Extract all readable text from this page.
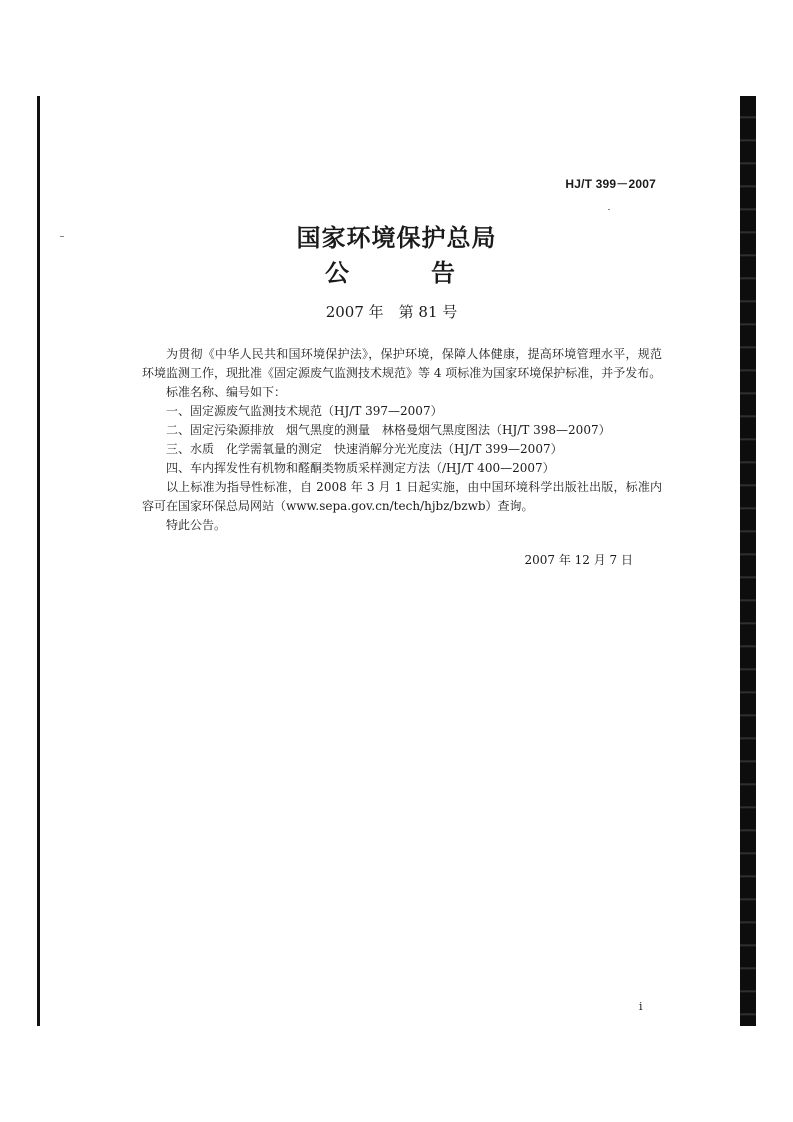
HJ/T 399－2007
国家环境保护总局
公	告
2007 年　第 81 号

为贯彻《中华人民共和国环境保护法》，保护环境，保障人体健康，提高环境管理水平，规范环境监测工作，现批准《固定源废气监测技术规范》等 4 项标准为国家环境保护标准，并予发布。

标准名称、编号如下：

一、固定源废气监测技术规范（HJ/T 397—2007）

二、固定污染源排放　烟气黑度的测量　林格曼烟气黑度图法（HJ/T 398—2007）

三、水质　化学需氧量的测定　快速消解分光光度法（HJ/T 399—2007）

四、车内挥发性有机物和醛酮类物质采样测定方法（/HJ/T 400—2007）

以上标准为指导性标准，自 2008 年 3 月 1 日起实施，由中国环境科学出版社出版，标准内容可在国家环保总局网站（www.sepa.gov.cn/tech/hjbz/bzwb）查询。

特此公告。

2007 年 12 月 7 日
i
